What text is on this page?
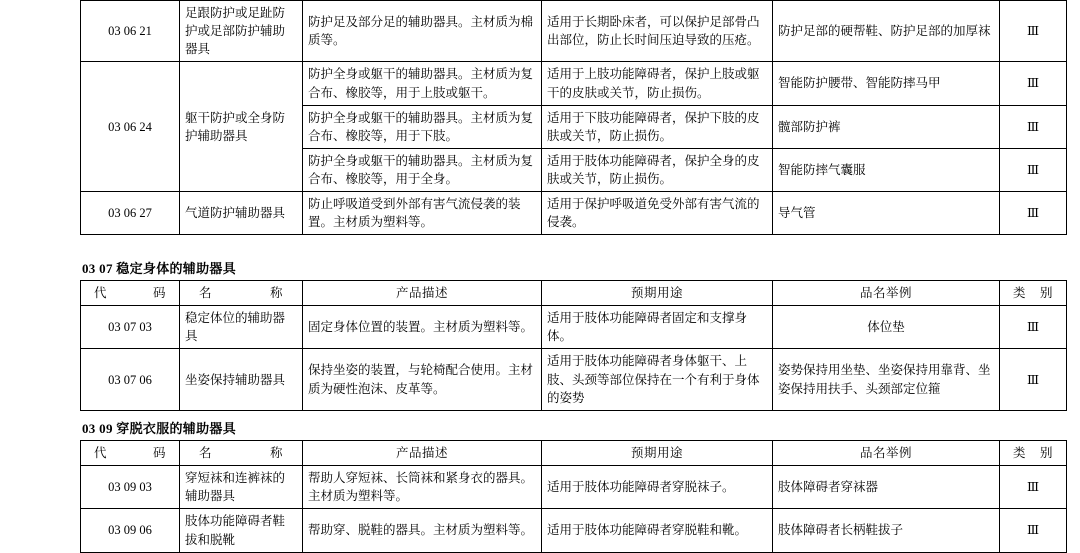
03 06 21	足跟防护或足趾防护或足部防护辅助器具	防护足及部分足的辅助器具。主材质为棉质等。	适用于长期卧床者，可以保护足部骨凸出部位，防止长时间压迫导致的压疮。	防护足部的硬帮鞋、防护足部的加厚袜	Ⅲ
03 06 24	躯干防护或全身防护辅助器具	防护全身或躯干的辅助器具。主材质为复合布、橡胶等，用于上肢或躯干。	适用于上肢功能障碍者，保护上肢或躯干的皮肤或关节，防止损伤。	智能防护腰带、智能防摔马甲	Ⅲ
		防护全身或躯干的辅助器具。主材质为复合布、橡胶等，用于下肢。	适用于下肢功能障碍者，保护下肢的皮肤或关节，防止损伤。	髋部防护裤	Ⅲ
		防护全身或躯干的辅助器具。主材质为复合布、橡胶等，用于全身。	适用于肢体功能障碍者，保护全身的皮肤或关节，防止损伤。	智能防摔气囊服	Ⅲ
03 06 27	气道防护辅助器具	防止呼吸道受到外部有害气流侵袭的装置。主材质为塑料等。	适用于保护呼吸道免受外部有害气流的侵袭。	导气管	Ⅲ
03 07 稳定身体的辅助器具
代 码	名 称	产品描述	预期用途	品名举例	类 别

03 07 03	稳定体位的辅助器具	固定身体位置的装置。主材质为塑料等。	适用于肢体功能障碍者固定和支撑身体。	体位垫	Ⅲ
03 07 06	坐姿保持辅助器具	保持坐姿的装置，与轮椅配合使用。主材质为硬性泡沫、皮革等。	适用于肢体功能障碍者身体躯干、上肢、头颈等部位保持在一个有利于身体的姿势	姿势保持用坐垫、坐姿保持用靠背、坐姿保持用扶手、头颈部定位箍	Ⅲ
03 09 穿脱衣服的辅助器具
代 码	名 称	产品描述	预期用途	品名举例	类 别

03 09 03	穿短袜和连裤袜的辅助器具	帮助人穿短袜、长筒袜和紧身衣的器具。主材质为塑料等。	适用于肢体功能障碍者穿脱袜子。	肢体障碍者穿袜器	Ⅲ
03 09 06	肢体功能障碍者鞋拔和脱靴	帮助穿、脱鞋的器具。主材质为塑料等。	适用于肢体功能障碍者穿脱鞋和靴。	肢体障碍者长柄鞋拔子	Ⅲ
